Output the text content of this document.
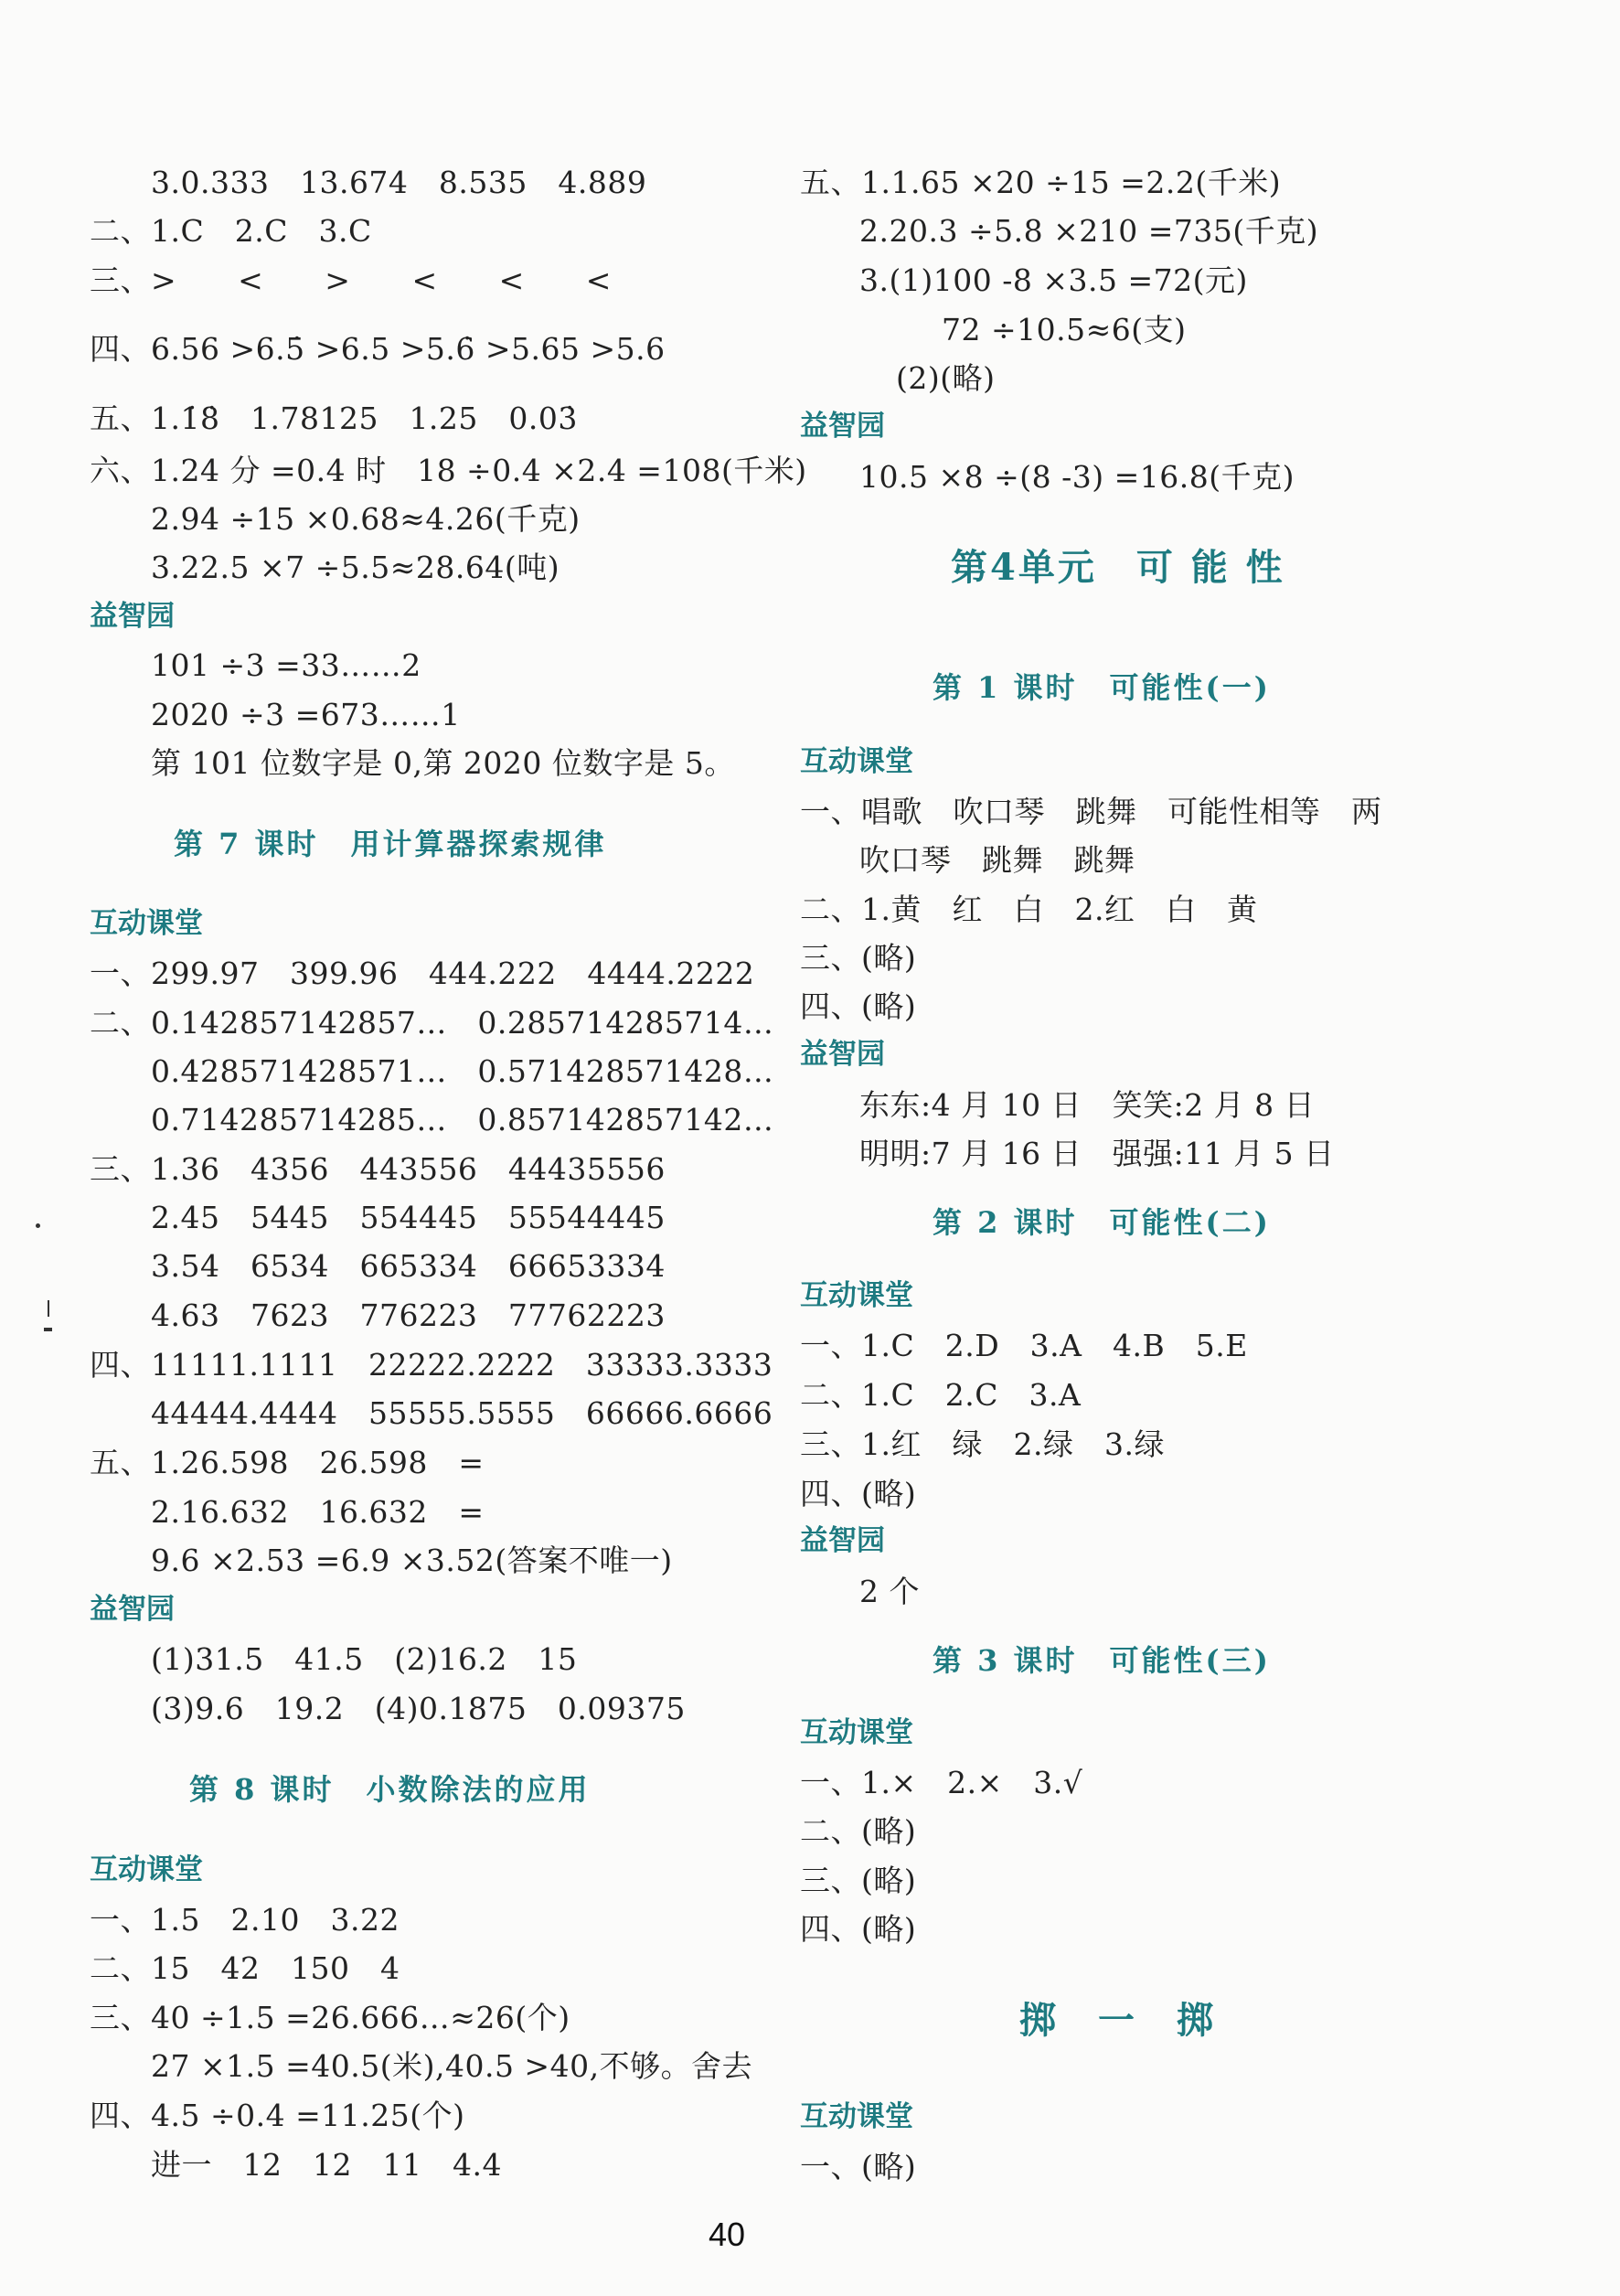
3.0.333　13.674　8.535　4.889
二、1.C　2.C　3.C
三、>　　<　　>　　<　　<　　<
四、6.56 >6.5̇ >6.5 >5.6̇ >5.65 >5.6
五、1.1̇8̇　1.78125　1.25　0.03̇
六、1.24 分 =0.4 时　18 ÷0.4 ×2.4 =108(千米)
2.94 ÷15 ×0.68≈4.26(千克)
3.22.5 ×7 ÷5.5≈28.64(吨)
益智园
101 ÷3 =33……2
2020 ÷3 =673……1
第 101 位数字是 0,第 2020 位数字是 5。
第 7 课时　用计算器探索规律
互动课堂
一、299.97　399.96　444.222　4444.2222
二、0.142857142857…　0.285714285714…
0.428571428571…　0.571428571428…
0.714285714285…　0.857142857142…
三、1.36　4356　443556　44435556
2.45　5445　554445　55544445
3.54　6534　665334　66653334
4.63　7623　776223　77762223
四、11111.1111　22222.2222　33333.3333
44444.4444　55555.5555　66666.6666
五、1.26.598　26.598　=
2.16.632　16.632　=
9.6 ×2.53 =6.9 ×3.52(答案不唯一)
益智园
(1)31.5　41.5　(2)16.2　15
(3)9.6　19.2　(4)0.1875　0.09375
第 8 课时　小数除法的应用
互动课堂
一、1.5　2.10　3.22
二、15　42　150　4
三、40 ÷1.5 =26.666…≈26(个)
27 ×1.5 =40.5(米),40.5 >40,不够。舍去
四、4.5 ÷0.4 =11.25(个)
进一　12　12　11　4.4
五、1.1.65 ×20 ÷15 =2.2(千米)
2.20.3 ÷5.8 ×210 =735(千克)
3.(1)100 -8 ×3.5 =72(元)
72 ÷10.5≈6(支)
(2)(略)
益智园
10.5 ×8 ÷(8 -3) =16.8(千克)
第4单元　可 能 性
第 1 课时　可能性(一)
互动课堂
一、唱歌　吹口琴　跳舞　可能性相等　两
吹口琴　跳舞　跳舞
二、1.黄　红　白　2.红　白　黄
三、(略)
四、(略)
益智园
东东:4 月 10 日　笑笑:2 月 8 日
明明:7 月 16 日　强强:11 月 5 日
第 2 课时　可能性(二)
互动课堂
一、1.C　2.D　3.A　4.B　5.E
二、1.C　2.C　3.A
三、1.红　绿　2.绿　3.绿
四、(略)
益智园
2 个
第 3 课时　可能性(三)
互动课堂
一、1.×　2.×　3.√
二、(略)
三、(略)
四、(略)
掷　一　掷
互动课堂
一、(略)
40
